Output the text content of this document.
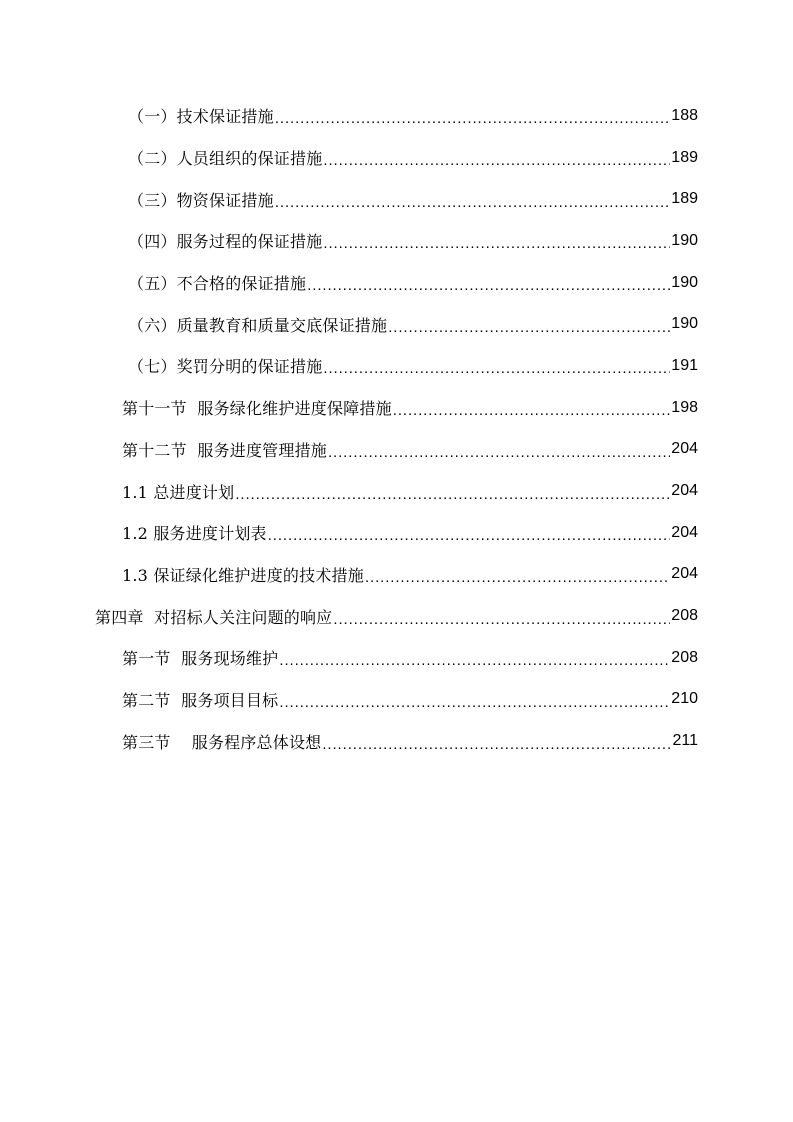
（一）技术保证措施 .....	188
（二）人员组织的保证措施 .....	189
（三）物资保证措施 .....	189
（四）服务过程的保证措施 .....	190
（五）不合格的保证措施 .....	190
（六）质量教育和质量交底保证措施 .....	190
（七）奖罚分明的保证措施 .....	191
第十一节  服务绿化维护进度保障措施 .....	198
第十二节  服务进度管理措施 .....	204
1.1 总进度计划 .....	204
1.2 服务进度计划表 .....	204
1.3 保证绿化维护进度的技术措施 .....	204
第四章  对招标人关注问题的响应 .....	208
第一节  服务现场维护 .....	208
第二节  服务项目目标 .....	210
第三节    服务程序总体设想 .....	211
